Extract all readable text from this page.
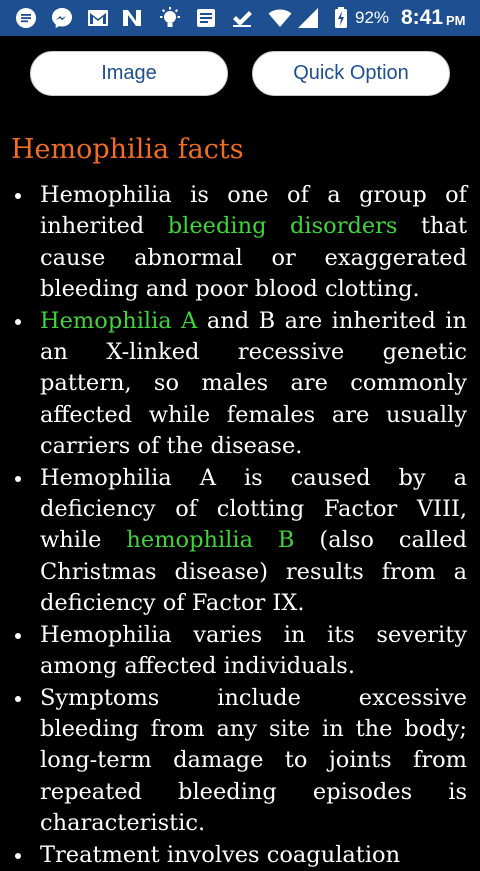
92% 8:41 PM
Image	Quick Option
Hemophilia facts
Hemophilia is one of a group of inherited bleeding disorders that cause abnormal or exaggerated bleeding and poor blood clotting.
Hemophilia A and B are inherited in an X-linked recessive genetic pattern, so males are commonly affected while females are usually carriers of the disease.
Hemophilia A is caused by a deficiency of clotting Factor VIII, while hemophilia B (also called Christmas disease) results from a deficiency of Factor IX.
Hemophilia varies in its severity among affected individuals.
Symptoms include excessive bleeding from any site in the body; long-term damage to joints from repeated bleeding episodes is characteristic.
Treatment involves coagulation
